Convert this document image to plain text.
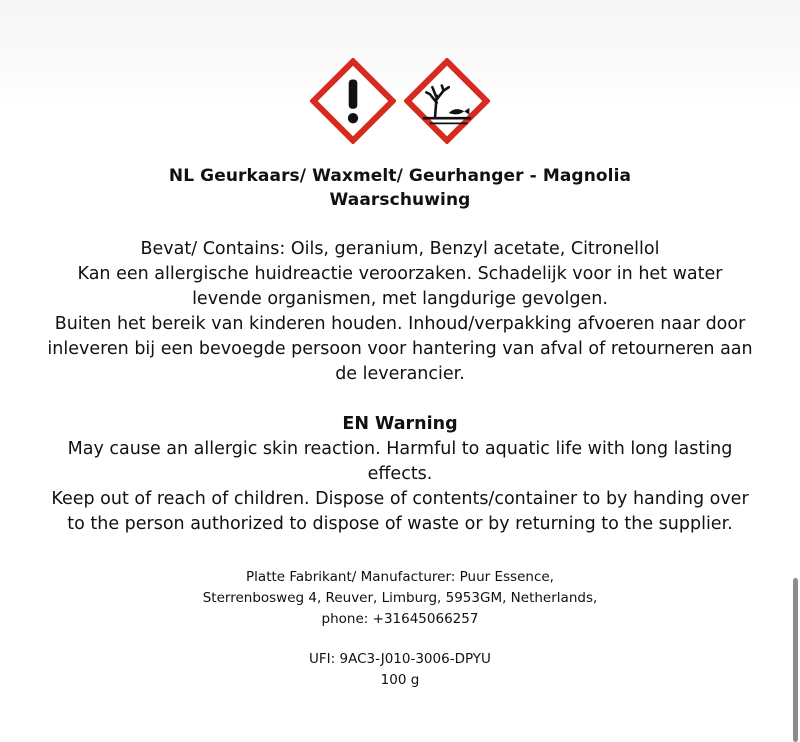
NL Geurkaars/ Waxmelt/ Geurhanger - Magnolia
Waarschuwing
Bevat/ Contains: Oils, geranium, Benzyl acetate, Citronellol
Kan een allergische huidreactie veroorzaken. Schadelijk voor in het water
levende organismen, met langdurige gevolgen.
Buiten het bereik van kinderen houden. Inhoud/verpakking afvoeren naar door
inleveren bij een bevoegde persoon voor hantering van afval of retourneren aan
de leverancier.
EN Warning
May cause an allergic skin reaction. Harmful to aquatic life with long lasting
effects.
Keep out of reach of children. Dispose of contents/container to by handing over
to the person authorized to dispose of waste or by returning to the supplier.
Platte Fabrikant/ Manufacturer: Puur Essence,
Sterrenbosweg 4, Reuver, Limburg, 5953GM, Netherlands,
phone: +31645066257
UFI: 9AC3-J010-3006-DPYU
100 g
